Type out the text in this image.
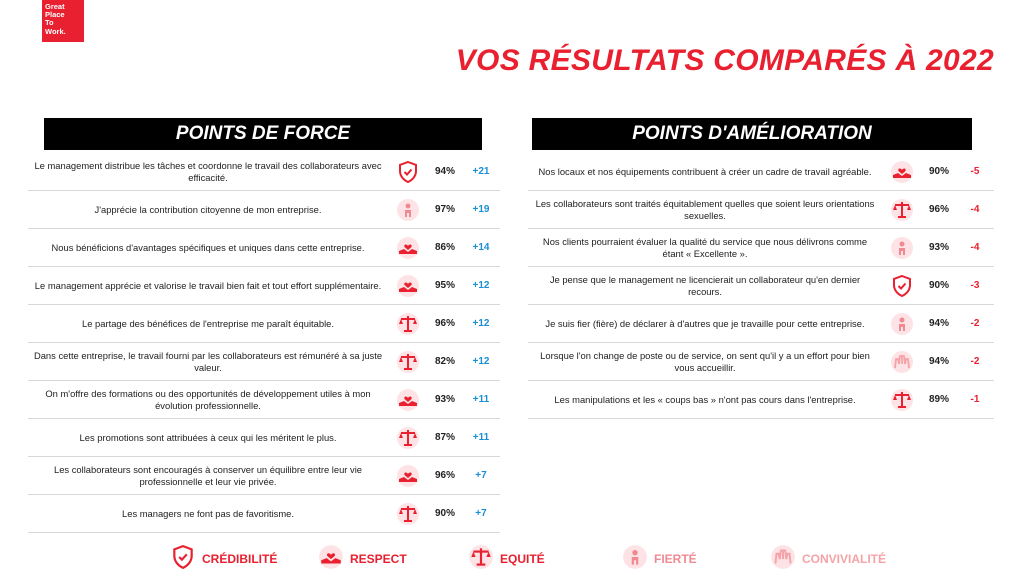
Great
Place
To
Work.
VOS RÉSULTATS COMPARÉS À 2022
POINTS DE FORCE
Le management distribue les tâches et coordonne le travail des collaborateurs avec efficacité.	94%	+21
J'apprécie la contribution citoyenne de mon entreprise.	97%	+19
Nous bénéficions d'avantages spécifiques et uniques dans cette entreprise.	86%	+14
Le management apprécie et valorise le travail bien fait et tout effort supplémentaire.	95%	+12
Le partage des bénéfices de l'entreprise me paraît équitable.	96%	+12
Dans cette entreprise, le travail fourni par les collaborateurs est rémunéré à sa juste valeur.	82%	+12
On m'offre des formations ou des opportunités de développement utiles à mon évolution professionnelle.	93%	+11
Les promotions sont attribuées à ceux qui les méritent le plus.	87%	+11
Les collaborateurs sont encouragés à conserver un équilibre entre leur vie professionnelle et leur vie privée.	96%	+7
Les managers ne font pas de favoritisme.	90%	+7
POINTS D'AMÉLIORATION
Nos locaux et nos équipements contribuent à créer un cadre de travail agréable.	90%	-5
Les collaborateurs sont traités équitablement quelles que soient leurs orientations sexuelles.	96%	-4
Nos clients pourraient évaluer la qualité du service que nous délivrons comme étant « Excellente ».	93%	-4
Je pense que le management ne licencierait un collaborateur qu'en dernier recours.	90%	-3
Je suis fier (fière) de déclarer à d'autres que je travaille pour cette entreprise.	94%	-2
Lorsque l'on change de poste ou de service, on sent qu'il y a un effort pour bien vous accueillir.	94%	-2
Les manipulations et les « coups bas » n'ont pas cours dans l'entreprise.	89%	-1
CRÉDIBILITÉ	RESPECT	EQUITÉ	FIERTÉ	CONVIVIALITÉ
